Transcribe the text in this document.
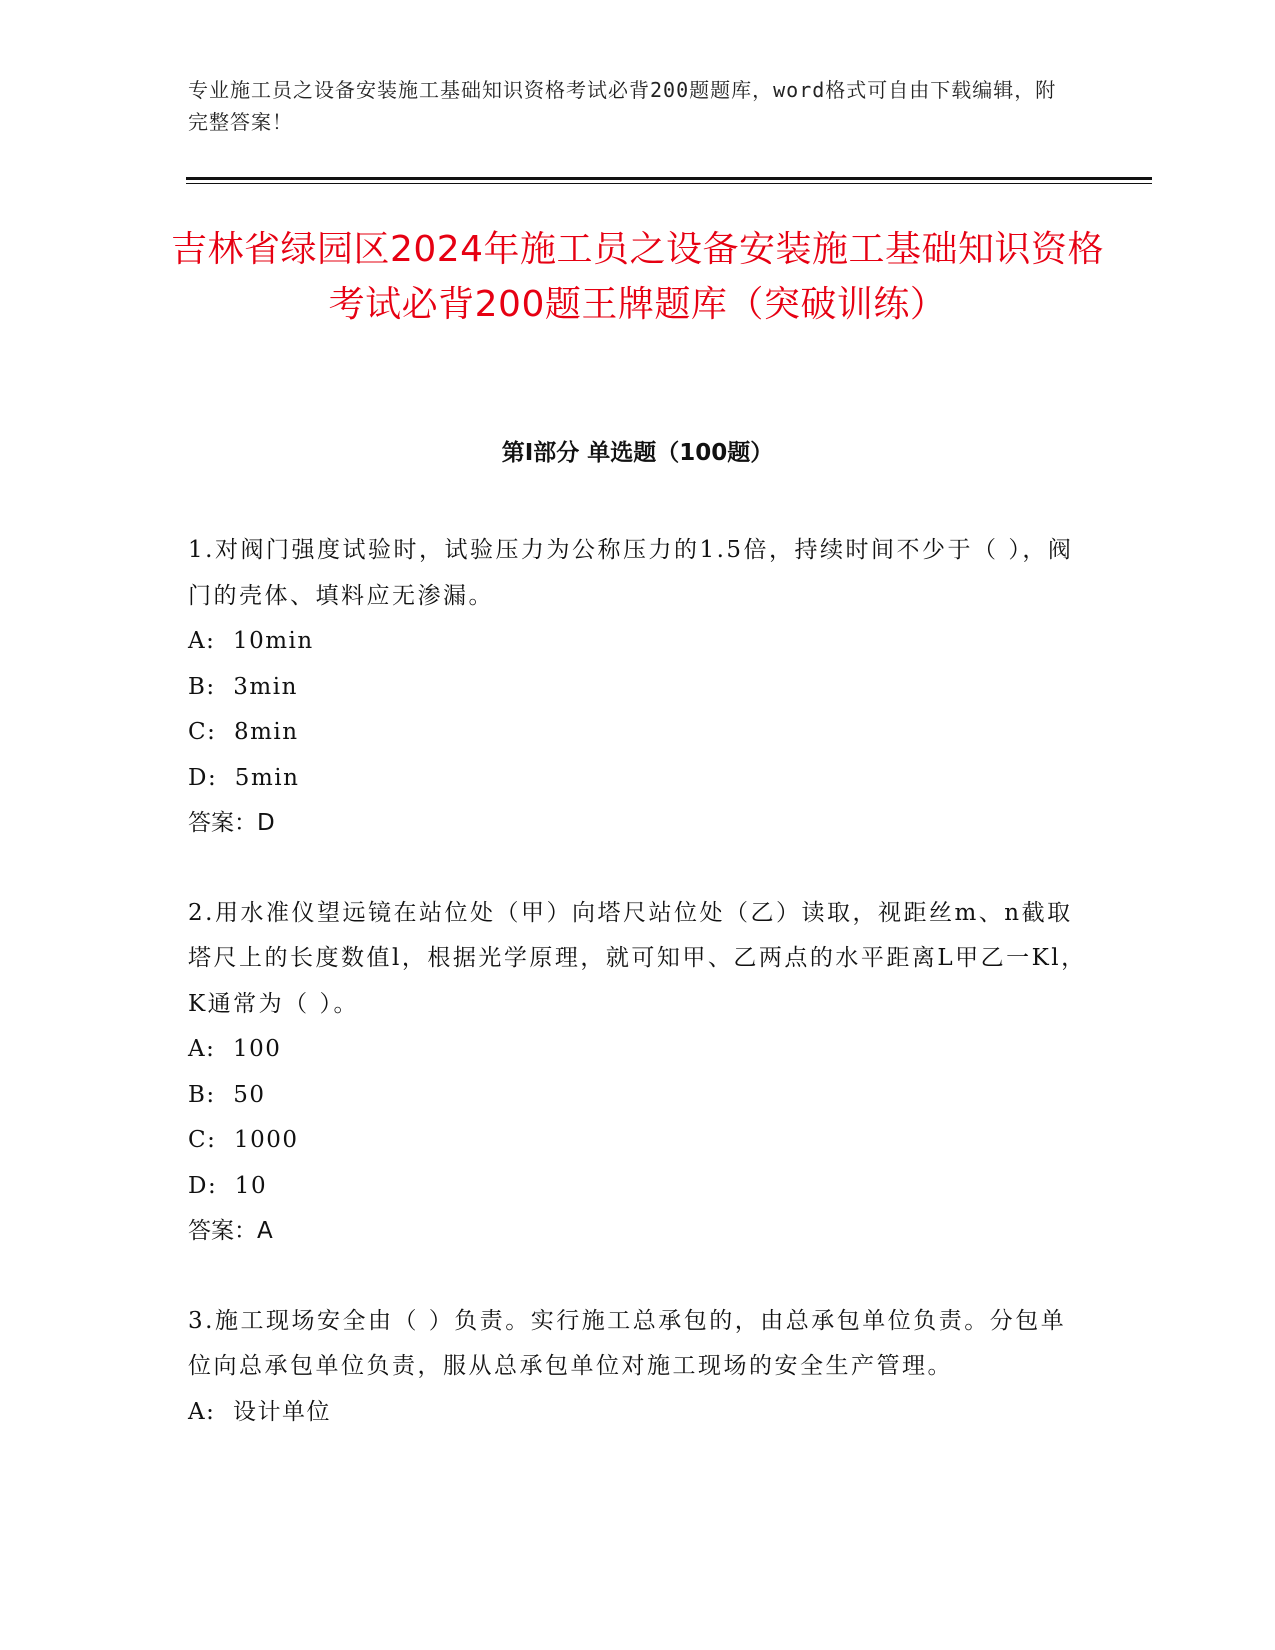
专业施工员之设备安装施工基础知识资格考试必背200题题库，word格式可自由下载编辑，附完整答案！
吉林省绿园区2024年施工员之设备安装施工基础知识资格考试必背200题王牌题库（突破训练）
第Ⅰ部分 单选题（100题）

1.对阀门强度试验时，试验压力为公称压力的1.5倍，持续时间不少于（ ），阀门的壳体、填料应无渗漏。

A:  10min

B:  3min

C:  8min

D:  5min

答案：D

2.用水准仪望远镜在站位处（甲）向塔尺站位处（乙）读取，视距丝m、n截取塔尺上的长度数值l，根据光学原理，就可知甲、乙两点的水平距离L甲乙一Kl，K通常为（ ）。

A:  100

B:  50

C:  1000

D:  10

答案：A

3.施工现场安全由（ ）负责。实行施工总承包的，由总承包单位负责。分包单位向总承包单位负责，服从总承包单位对施工现场的安全生产管理。

A:  设计单位
